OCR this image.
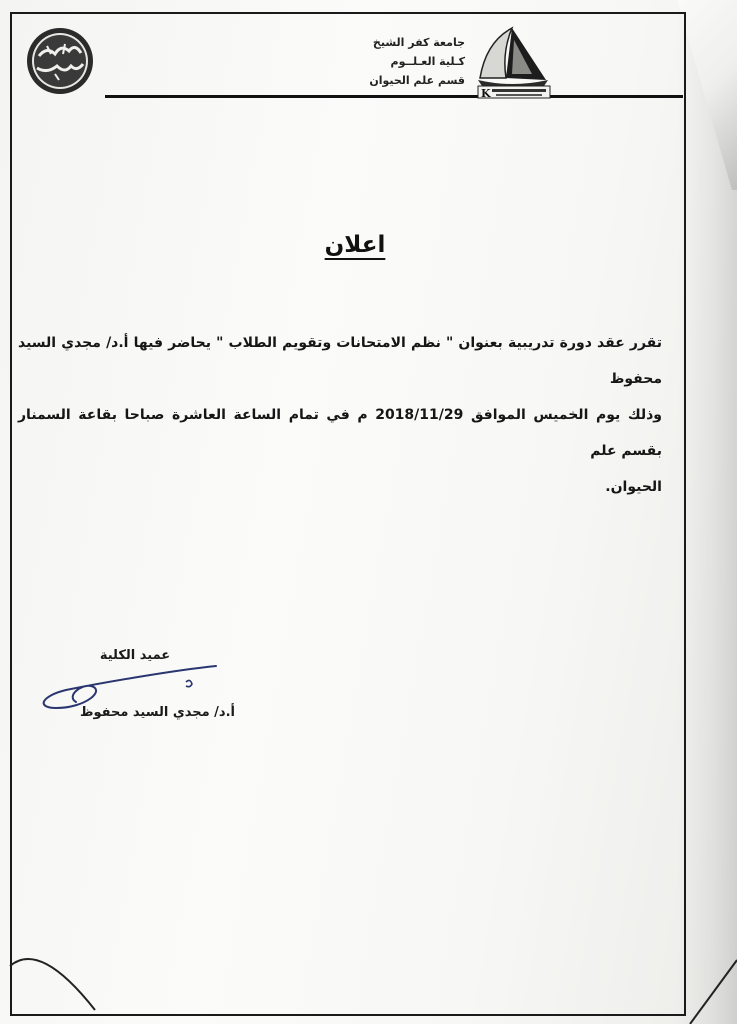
جامعة كفر الشيخ
كـلية العـلــوم
قسم علم الحيوان
K
اعلان
تقرر عقد دورة تدريبية بعنوان " نظم الامتحانات وتقويم الطلاب " يحاضر فيها أ.د/ مجدي السيد محفوظ
وذلك يوم الخميس الموافق 2018/11/29 م في تمام الساعة العاشرة صباحا بقاعة السمنار بقسم علم
الحيوان.
عميد الكلية
أ.د/ مجدي السيد محفوظ
